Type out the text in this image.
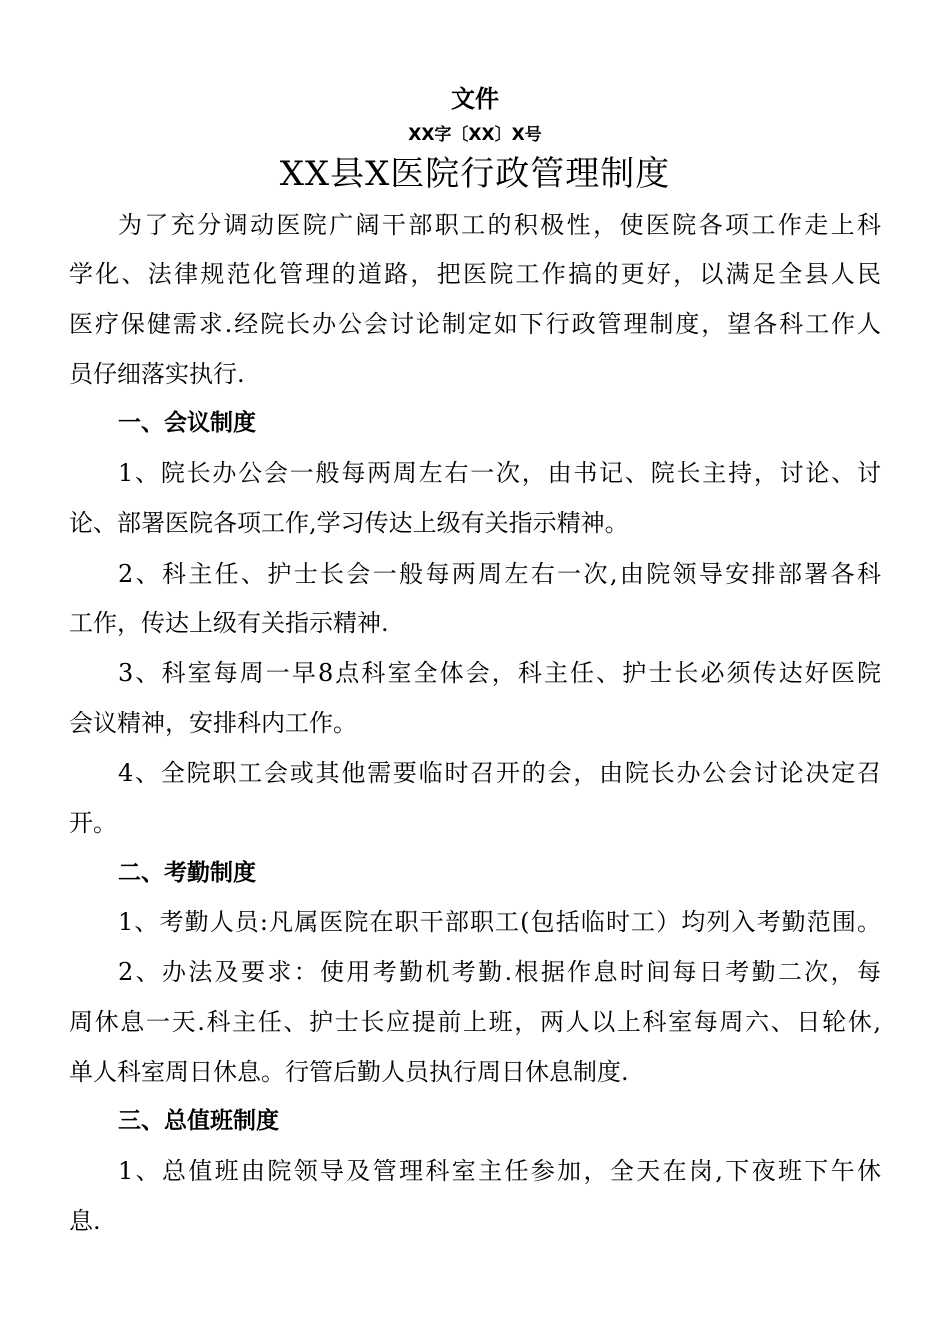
文件
XX字〔XX〕X号
XX县X医院行政管理制度
为了充分调动医院广阔干部职工的积极性，使医院各项工作走上科
学化、法律规范化管理的道路，把医院工作搞的更好，以满足全县人民
医疗保健需求.经院长办公会讨论制定如下行政管理制度，望各科工作人
员仔细落实执行.
一、会议制度
1、院长办公会一般每两周左右一次，由书记、院长主持，讨论、讨
论、部署医院各项工作,学习传达上级有关指示精神。
2、科主任、护士长会一般每两周左右一次,由院领导安排部署各科
工作，传达上级有关指示精神.
3、科室每周一早8点科室全体会，科主任、护士长必须传达好医院
会议精神，安排科内工作。
4、全院职工会或其他需要临时召开的会，由院长办公会讨论决定召
开。
二、考勤制度
1、考勤人员:凡属医院在职干部职工(包括临时工）均列入考勤范围。
2、办法及要求：使用考勤机考勤.根据作息时间每日考勤二次，每
周休息一天.科主任、护士长应提前上班，两人以上科室每周六、日轮休,
单人科室周日休息。行管后勤人员执行周日休息制度.
三、总值班制度
1、总值班由院领导及管理科室主任参加，全天在岗,下夜班下午休
息.
